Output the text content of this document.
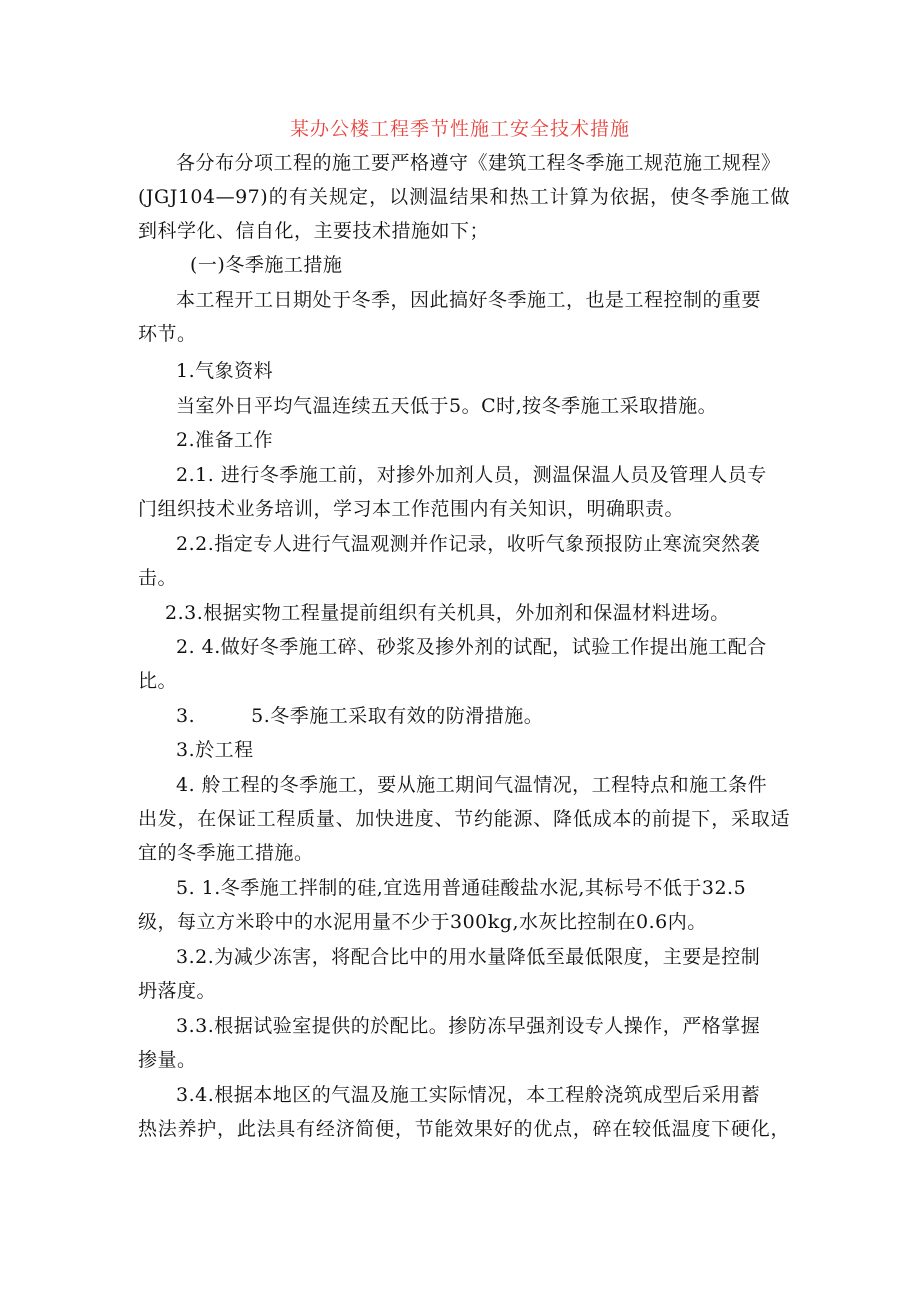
某办公楼工程季节性施工安全技术措施
各分布分项工程的施工要严格遵守《建筑工程冬季施工规范施工规程》
(JGJ104—97)的有关规定，以测温结果和热工计算为依据，使冬季施工做
到科学化、信自化，主要技术措施如下；
(一)冬季施工措施
本工程开工日期处于冬季，因此搞好冬季施工，也是工程控制的重要
环节。
1.气象资料
当室外日平均气温连续五天低于5。C时,按冬季施工采取措施。
2.准备工作
2.1. 进行冬季施工前，对掺外加剂人员，测温保温人员及管理人员专
门组织技术业务培训，学习本工作范围内有关知识，明确职责。
2.2.指定专人进行气温观测并作记录，收听气象预报防止寒流突然袭
击。
2.3.根据实物工程量提前组织有关机具，外加剂和保温材料进场。
2. 4.做好冬季施工碎、砂浆及掺外剂的试配，试验工作提出施工配合
比。
3.	5.冬季施工采取有效的防滑措施。
3.於工程
4. 舲工程的冬季施工，要从施工期间气温情况，工程特点和施工条件
出发，在保证工程质量、加快进度、节约能源、降低成本的前提下，采取适
宜的冬季施工措施。
5. 1.冬季施工拌制的硅,宜选用普通硅酸盐水泥,其标号不低于32.5
级，每立方米聆中的水泥用量不少于300kg,水灰比控制在0.6内。
3.2.为减少冻害，将配合比中的用水量降低至最低限度，主要是控制
坍落度。
3.3.根据试验室提供的於配比。掺防冻早强剂设专人操作，严格掌握
掺量。
3.4.根据本地区的气温及施工实际情况，本工程舲浇筑成型后采用蓄
热法养护，此法具有经济简便，节能效果好的优点，碎在较低温度下硬化，
